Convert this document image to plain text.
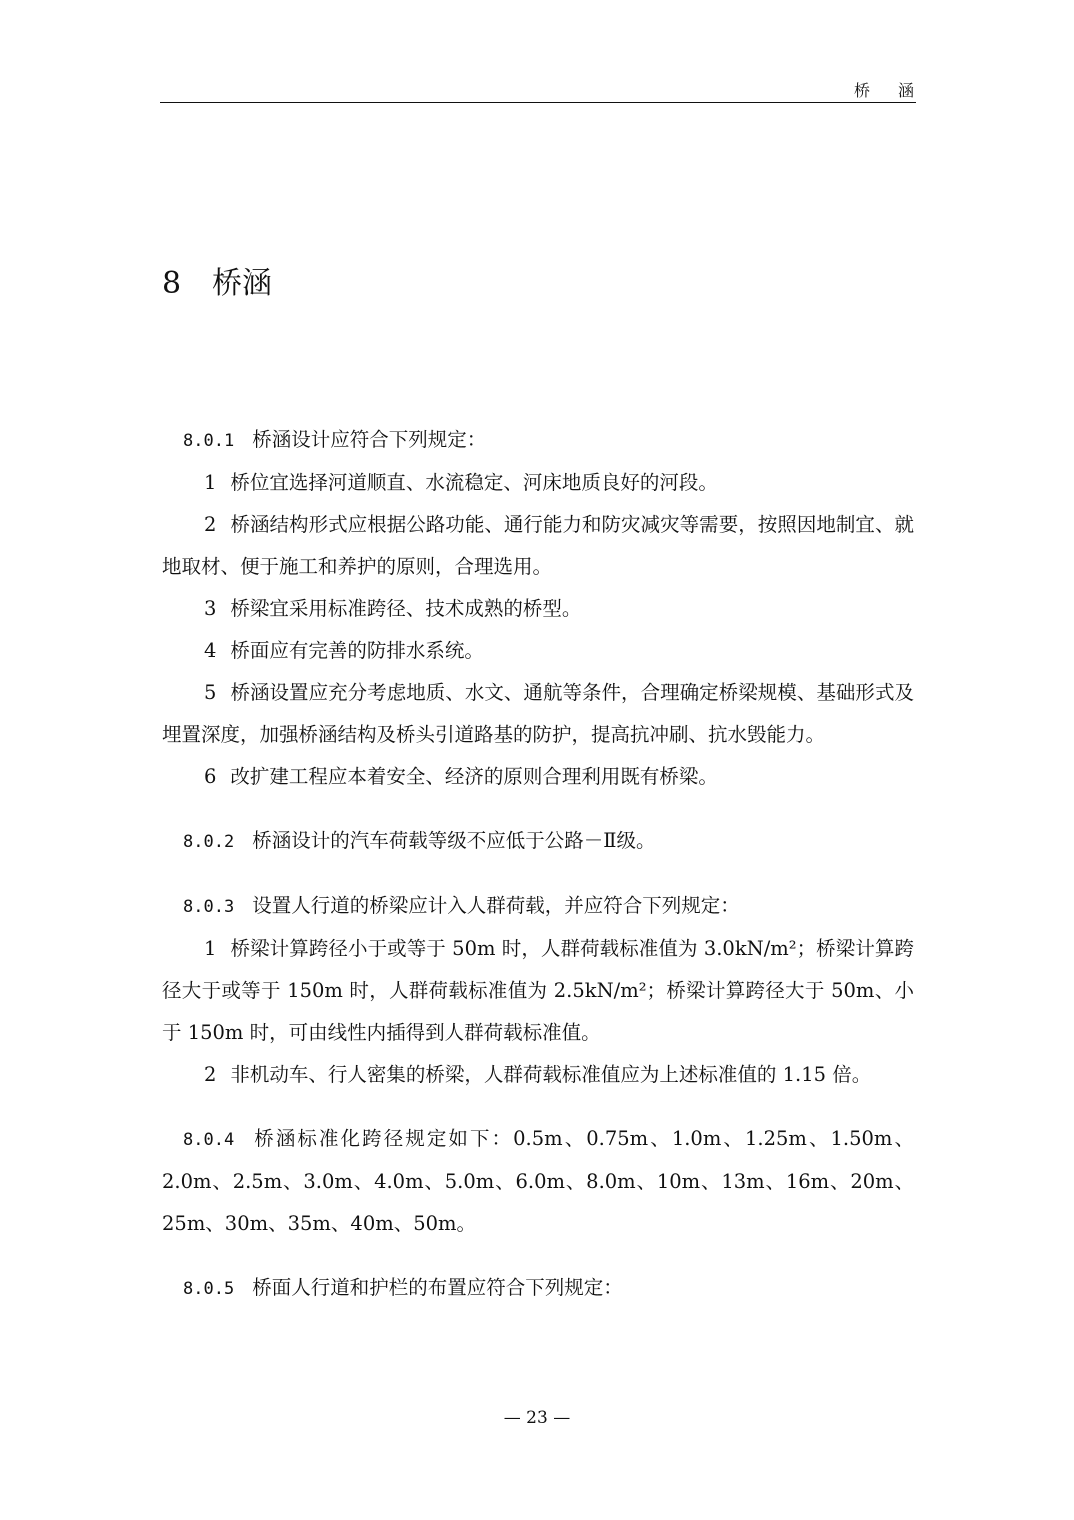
桥涵
8 桥涵

8.0.1 桥涵设计应符合下列规定：

1 桥位宜选择河道顺直、水流稳定、河床地质良好的河段。

2 桥涵结构形式应根据公路功能、通行能力和防灾减灾等需要，按照因地制宜、就地取材、便于施工和养护的原则，合理选用。

3 桥梁宜采用标准跨径、技术成熟的桥型。

4 桥面应有完善的防排水系统。

5 桥涵设置应充分考虑地质、水文、通航等条件，合理确定桥梁规模、基础形式及埋置深度，加强桥涵结构及桥头引道路基的防护，提高抗冲刷、抗水毁能力。

6 改扩建工程应本着安全、经济的原则合理利用既有桥梁。

8.0.2 桥涵设计的汽车荷载等级不应低于公路－Ⅱ级。

8.0.3 设置人行道的桥梁应计入人群荷载，并应符合下列规定：

1 桥梁计算跨径小于或等于 50m 时，人群荷载标准值为 3.0kN/m²；桥梁计算跨径大于或等于 150m 时，人群荷载标准值为 2.5kN/m²；桥梁计算跨径大于 50m、小于 150m 时，可由线性内插得到人群荷载标准值。

2 非机动车、行人密集的桥梁，人群荷载标准值应为上述标准值的 1.15 倍。

8.0.4 桥涵标准化跨径规定如下：0.5m、0.75m、1.0m、1.25m、1.50m、2.0m、2.5m、3.0m、4.0m、5.0m、6.0m、8.0m、10m、13m、16m、20m、25m、30m、35m、40m、50m。

8.0.5 桥面人行道和护栏的布置应符合下列规定：

— 23 —
